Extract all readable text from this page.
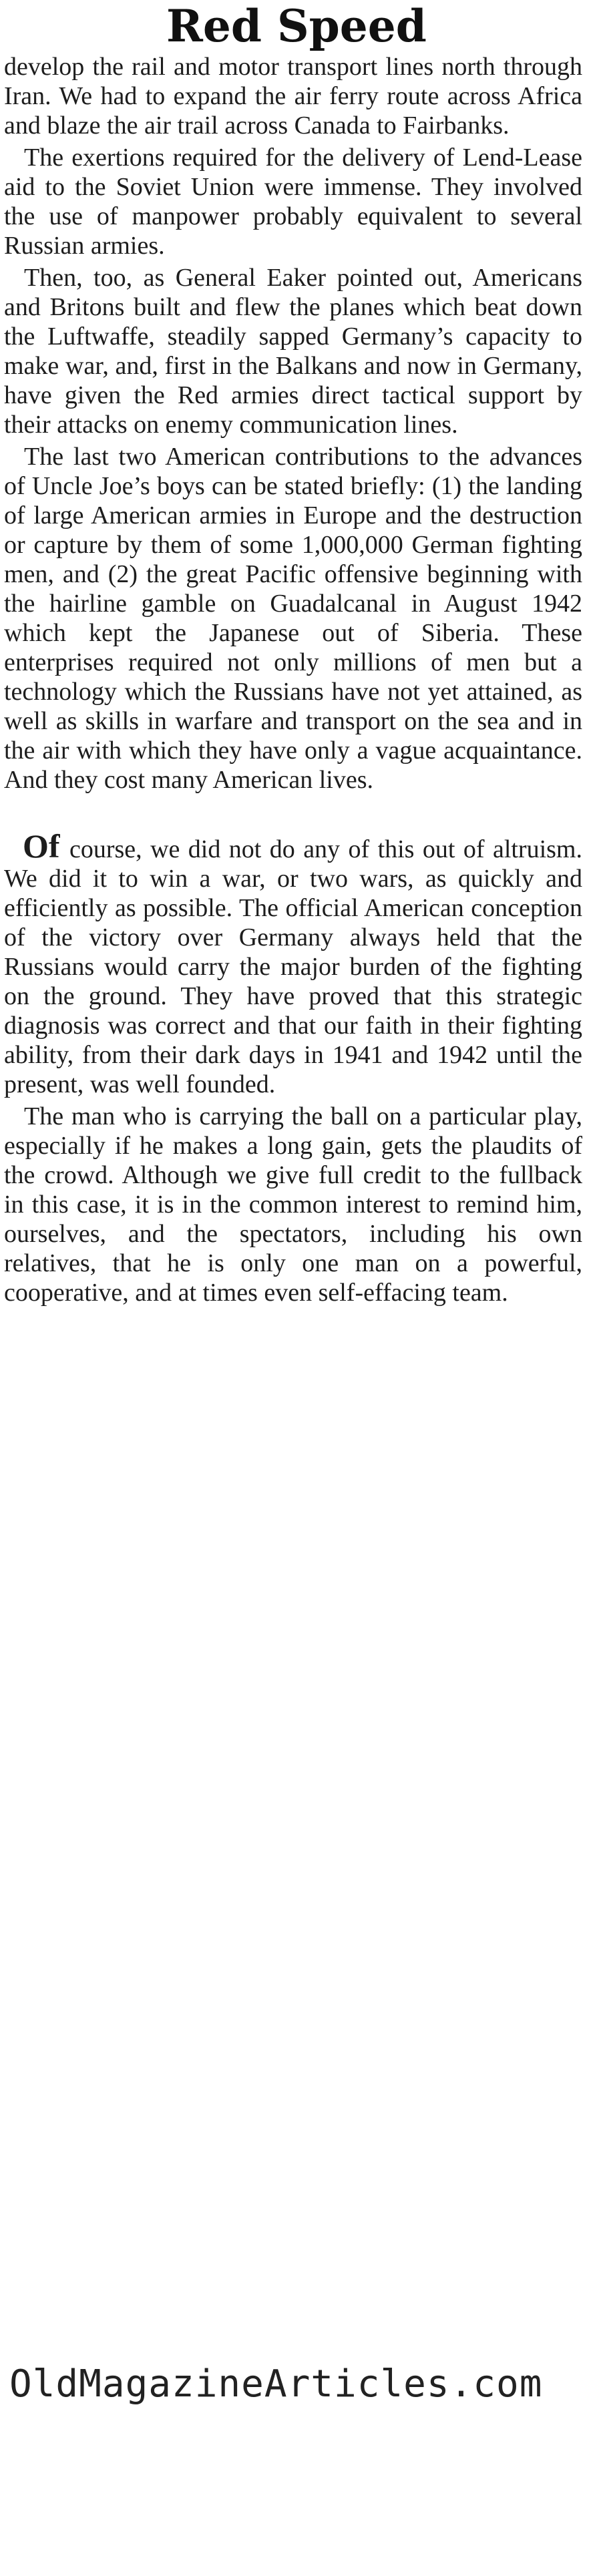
Red Speed

develop the rail and motor transport lines north through Iran. We had to expand the air ferry route across Africa and blaze the air trail across Canada to Fairbanks.

The exertions required for the delivery of Lend-Lease aid to the Soviet Union were immense. They involved the use of manpower probably equivalent to several Russian armies.

Then, too, as General Eaker pointed out, Americans and Britons built and flew the planes which beat down the Luftwaffe, steadily sapped Germany’s capacity to make war, and, first in the Balkans and now in Germany, have given the Red armies direct tactical support by their attacks on enemy communication lines.

The last two American contributions to the advances of Uncle Joe’s boys can be stated briefly: (1) the landing of large American armies in Europe and the destruction or capture by them of some 1,000,000 German fighting men, and (2) the great Pacific offensive beginning with the hairline gamble on Guadalcanal in August 1942 which kept the Japanese out of Siberia. These enterprises required not only millions of men but a technology which the Russians have not yet attained, as well as skills in warfare and transport on the sea and in the air with which they have only a vague acquaintance. And they cost many American lives.

Of course, we did not do any of this out of altruism. We did it to win a war, or two wars, as quickly and efficiently as possible. The official American conception of the victory over Germany always held that the Russians would carry the major burden of the fighting on the ground. They have proved that this strategic diagnosis was correct and that our faith in their fighting ability, from their dark days in 1941 and 1942 until the present, was well founded.

The man who is carrying the ball on a particular play, especially if he makes a long gain, gets the plaudits of the crowd. Although we give full credit to the fullback in this case, it is in the common interest to remind him, ourselves, and the spectators, including his own relatives, that he is only one man on a powerful, cooperative, and at times even self-effacing team.

OldMagazineArticles.com
